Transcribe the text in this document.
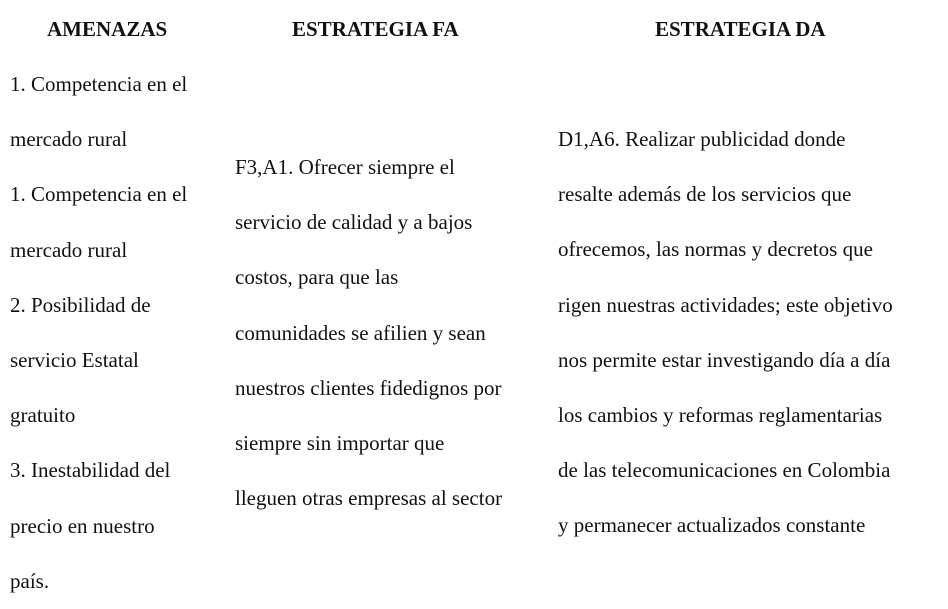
AMENAZAS
1. Competencia en el
mercado rural
1. Competencia en el
mercado rural
2. Posibilidad de
servicio Estatal
gratuito
3. Inestabilidad del
precio en nuestro
país.
ESTRATEGIA FA
F3,A1. Ofrecer siempre el
servicio de calidad y a bajos
costos, para que las
comunidades se afilien y sean
nuestros clientes fidedignos por
siempre sin importar que
lleguen otras empresas al sector
ESTRATEGIA DA
D1,A6. Realizar publicidad donde
resalte además de los servicios que
ofrecemos, las normas y decretos que
rigen nuestras actividades; este objetivo
nos permite estar investigando día a día
los cambios y reformas reglamentarias
de las telecomunicaciones en Colombia
y permanecer actualizados constante
